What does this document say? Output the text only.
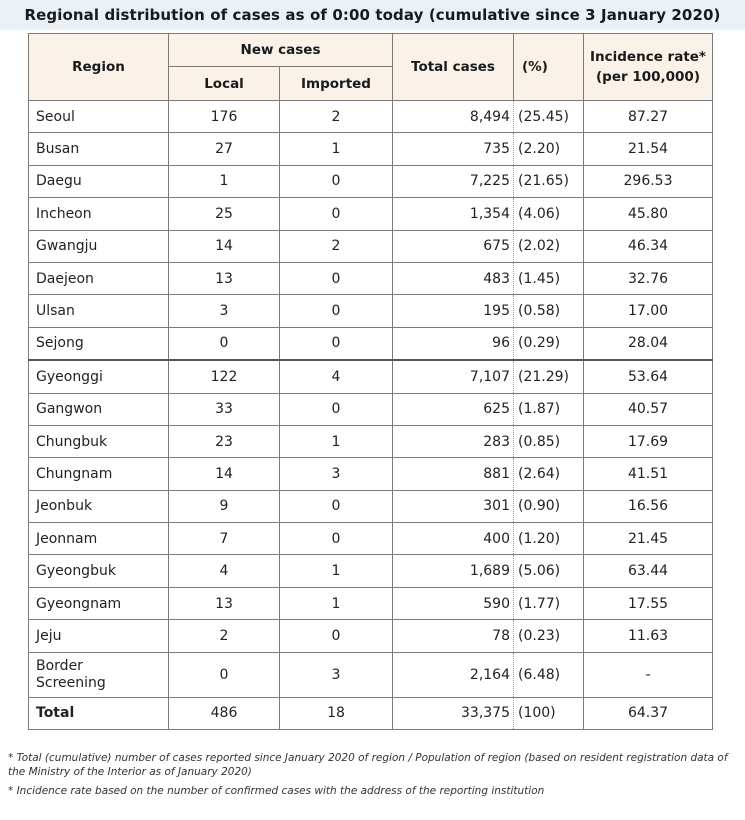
Regional distribution of cases as of 0:00 today (cumulative since 3 January 2020)
Region	New cases		Total cases	(%)	Incidence rate*
(per 100,000)

	Local	Imported			
Seoul	176	2	8,494	(25.45)	87.27
Busan	27	1	735	(2.20)	21.54
Daegu	1	0	7,225	(21.65)	296.53
Incheon	25	0	1,354	(4.06)	45.80
Gwangju	14	2	675	(2.02)	46.34
Daejeon	13	0	483	(1.45)	32.76
Ulsan	3	0	195	(0.58)	17.00
Sejong	0	0	96	(0.29)	28.04
Gyeonggi	122	4	7,107	(21.29)	53.64
Gangwon	33	0	625	(1.87)	40.57
Chungbuk	23	1	283	(0.85)	17.69
Chungnam	14	3	881	(2.64)	41.51
Jeonbuk	9	0	301	(0.90)	16.56
Jeonnam	7	0	400	(1.20)	21.45
Gyeongbuk	4	1	1,689	(5.06)	63.44
Gyeongnam	13	1	590	(1.77)	17.55
Jeju	2	0	78	(0.23)	11.63

Border
Screening	0	3	2,164	(6.48)	-
Total	486	18	33,375	(100)	64.37
* Total (cumulative) number of cases reported since January 2020 of region / Population of region (based on resident registration data of the Ministry of the Interior as of January 2020)
* Incidence rate based on the number of confirmed cases with the address of the reporting institution
